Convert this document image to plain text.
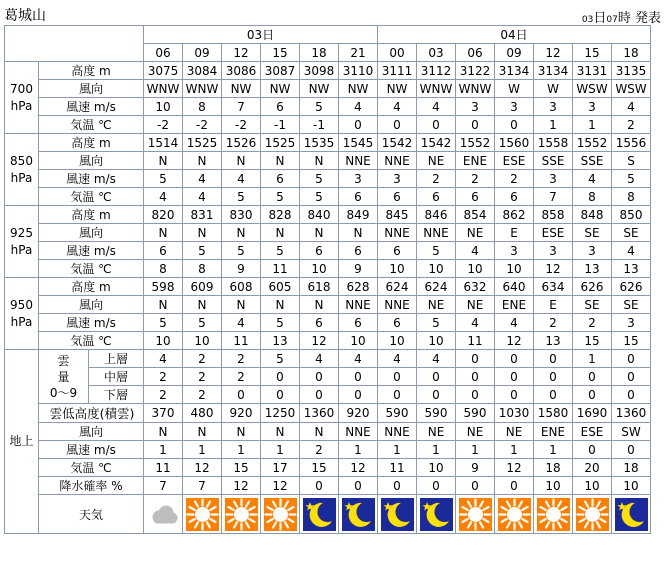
葛城山	03日07時 発表
			03日						04日						
			06	09	12	15	18	21	00	03	06	09	12	15	18
700
hPa	高度 m		3075	3084	3086	3087	3098	3110	3111	3112	3122	3134	3134	3131	3135
	風向		WNW	WNW	NW	NW	NW	NW	NW	WNW	WNW	W	W	WSW	WSW
	風速 m/s		10	8	7	6	5	4	4	4	3	3	3	3	4
	気温 ℃		-2	-2	-2	-1	-1	0	0	0	0	0	1	1	2
850
hPa	高度 m		1514	1525	1526	1525	1535	1545	1542	1542	1552	1560	1558	1552	1556
	風向		N	N	N	N	N	NNE	NNE	NE	ENE	ESE	SSE	SSE	S
	風速 m/s		5	4	4	6	5	3	3	2	2	2	3	4	5
	気温 ℃		4	4	5	5	5	6	6	6	6	6	7	8	8
925
hPa	高度 m		820	831	830	828	840	849	845	846	854	862	858	848	850
	風向		N	N	N	N	N	N	NNE	NNE	NE	E	ESE	SE	SE
	風速 m/s		6	5	5	5	6	6	6	5	4	3	3	3	4
	気温 ℃		8	8	9	11	10	9	10	10	10	10	12	13	13
950
hPa	高度 m		598	609	608	605	618	628	624	624	632	640	634	626	626
	風向		N	N	N	N	N	NNE	NNE	NE	NE	ENE	E	SE	SE
	風速 m/s		5	5	4	5	6	6	6	5	4	4	2	2	3
	気温 ℃		10	10	11	13	12	10	10	10	11	12	13	15	15
地上	雲
量
0〜9	上層	4	2	2	5	4	4	4	4	0	0	0	1	0
		中層	2	2	2	0	0	0	0	0	0	0	0	0	0
		下層	2	2	0	0	0	0	0	0	0	0	0	0	0
	雲低高度(積雲)		370	480	920	1250	1360	920	590	590	590	1030	1580	1690	1360
	風向		N	N	N	N	N	NNE	NNE	NE	NE	NE	ENE	ESE	SW
	風速 m/s		1	1	1	1	2	1	1	1	1	1	1	0	0
	気温 ℃		11	12	15	17	15	12	11	10	9	12	18	20	18
	降水確率 %		7	7	12	12	0	0	0	0	0	0	10	10	10
	天気	
